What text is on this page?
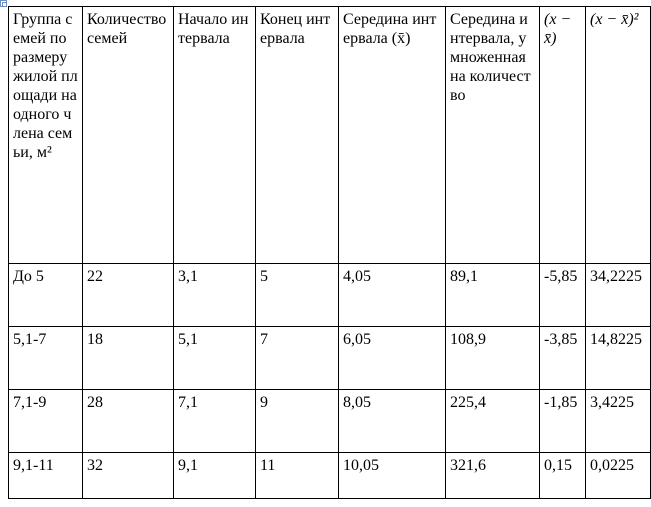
Группа семей по размеру жилой площади на одного члена семьи, м²	Количество семей	Начало интервала	Конец интервала	Середина интервала (x̄)	Середина интервала, умноженная на количество	(x − x̄)	(x − x̄)²
До 5	22	3,1	5	4,05	89,1	-5,85	34,2225
5,1-7	18	5,1	7	6,05	108,9	-3,85	14,8225
7,1-9	28	7,1	9	8,05	225,4	-1,85	3,4225
9,1-11	32	9,1	11	10,05	321,6	0,15	0,0225
